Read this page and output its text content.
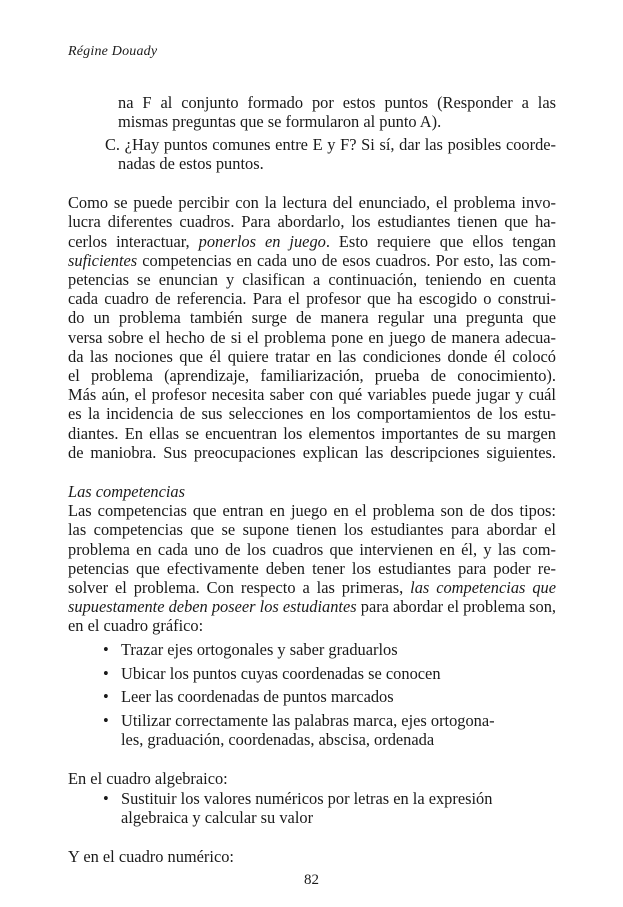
Régine Douady
na F al conjunto formado por estos puntos (Responder a las
mismas preguntas que se formularon al punto A).
C. ¿Hay puntos comunes entre E y F? Si sí, dar las posibles coorde-
nadas de estos puntos.
Como se puede percibir con la lectura del enunciado, el problema invo-
lucra diferentes cuadros. Para abordarlo, los estudiantes tienen que ha-
cerlos interactuar, ponerlos en juego. Esto requiere que ellos tengan
suficientes competencias en cada uno de esos cuadros. Por esto, las com-
petencias se enuncian y clasifican a continuación, teniendo en cuenta
cada cuadro de referencia. Para el profesor que ha escogido o construi-
do un problema también surge de manera regular una pregunta que
versa sobre el hecho de si el problema pone en juego de manera adecua-
da las nociones que él quiere tratar en las condiciones donde él colocó
el problema (aprendizaje, familiarización, prueba de conocimiento).
Más aún, el profesor necesita saber con qué variables puede jugar y cuál
es la incidencia de sus selecciones en los comportamientos de los estu-
diantes. En ellas se encuentran los elementos importantes de su margen
de maniobra. Sus preocupaciones explican las descripciones siguientes.
Las competencias
Las competencias que entran en juego en el problema son de dos tipos:
las competencias que se supone tienen los estudiantes para abordar el
problema en cada uno de los cuadros que intervienen en él, y las com-
petencias que efectivamente deben tener los estudiantes para poder re-
solver el problema. Con respecto a las primeras, las competencias que
supuestamente deben poseer los estudiantes para abordar el problema son,
en el cuadro gráfico:
• Trazar ejes ortogonales y saber graduarlos
• Ubicar los puntos cuyas coordenadas se conocen
• Leer las coordenadas de puntos marcados
• Utilizar correctamente las palabras marca, ejes ortogona-
les, graduación, coordenadas, abscisa, ordenada
En el cuadro algebraico:
• Sustituir los valores numéricos por letras en la expresión
algebraica y calcular su valor
Y en el cuadro numérico:
82
